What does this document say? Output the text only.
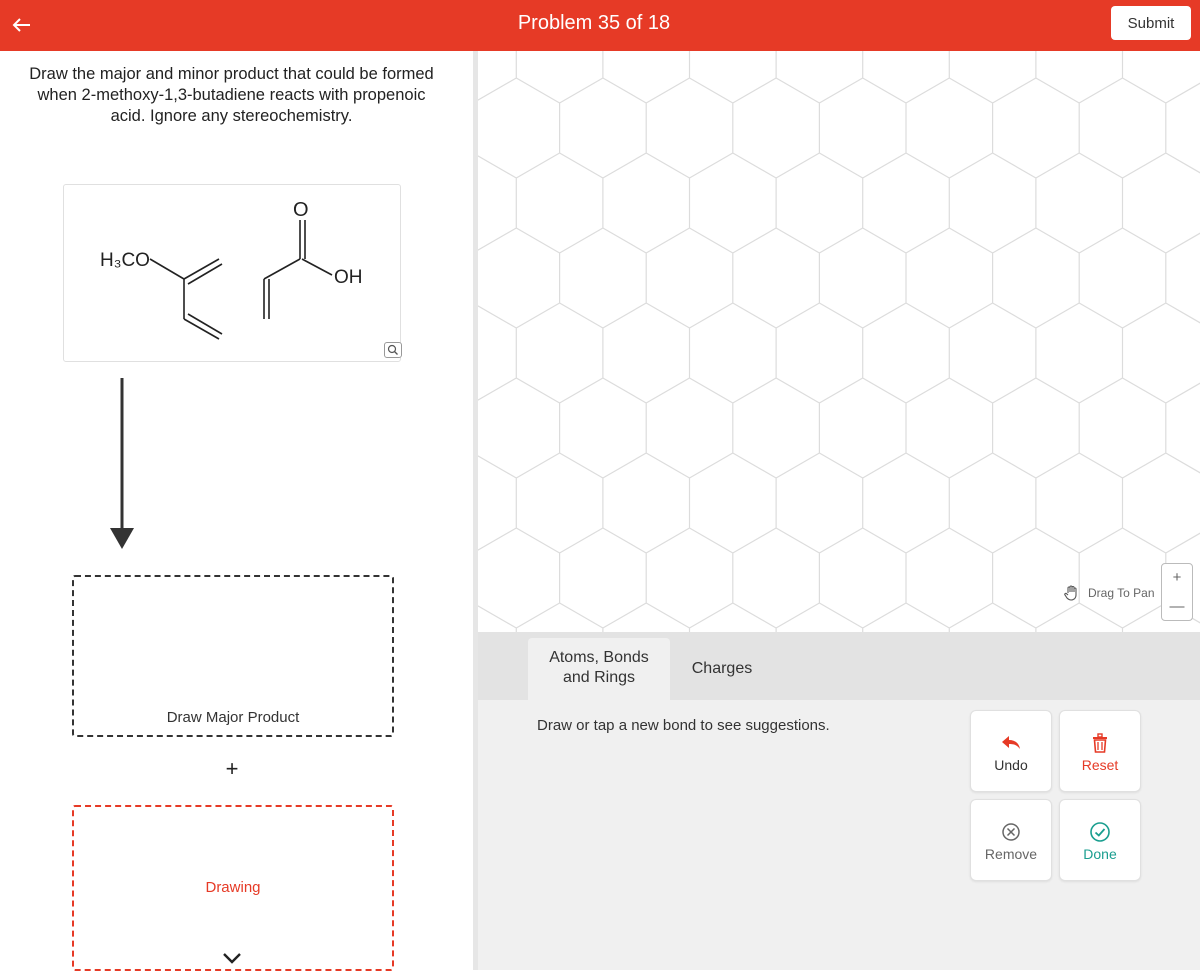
Problem 35 of 18	Submit
Draw the major and minor product that could be formed when 2-methoxy-1,3-butadiene reacts with propenoic acid. Ignore any stereochemistry.
H₃CO
O
OH
Draw Major Product
+
Drawing
Drag To Pan
+
—
Atoms, Bonds
and Rings
Charges
Draw or tap a new bond to see suggestions.
Undo	Reset
Remove	Done
